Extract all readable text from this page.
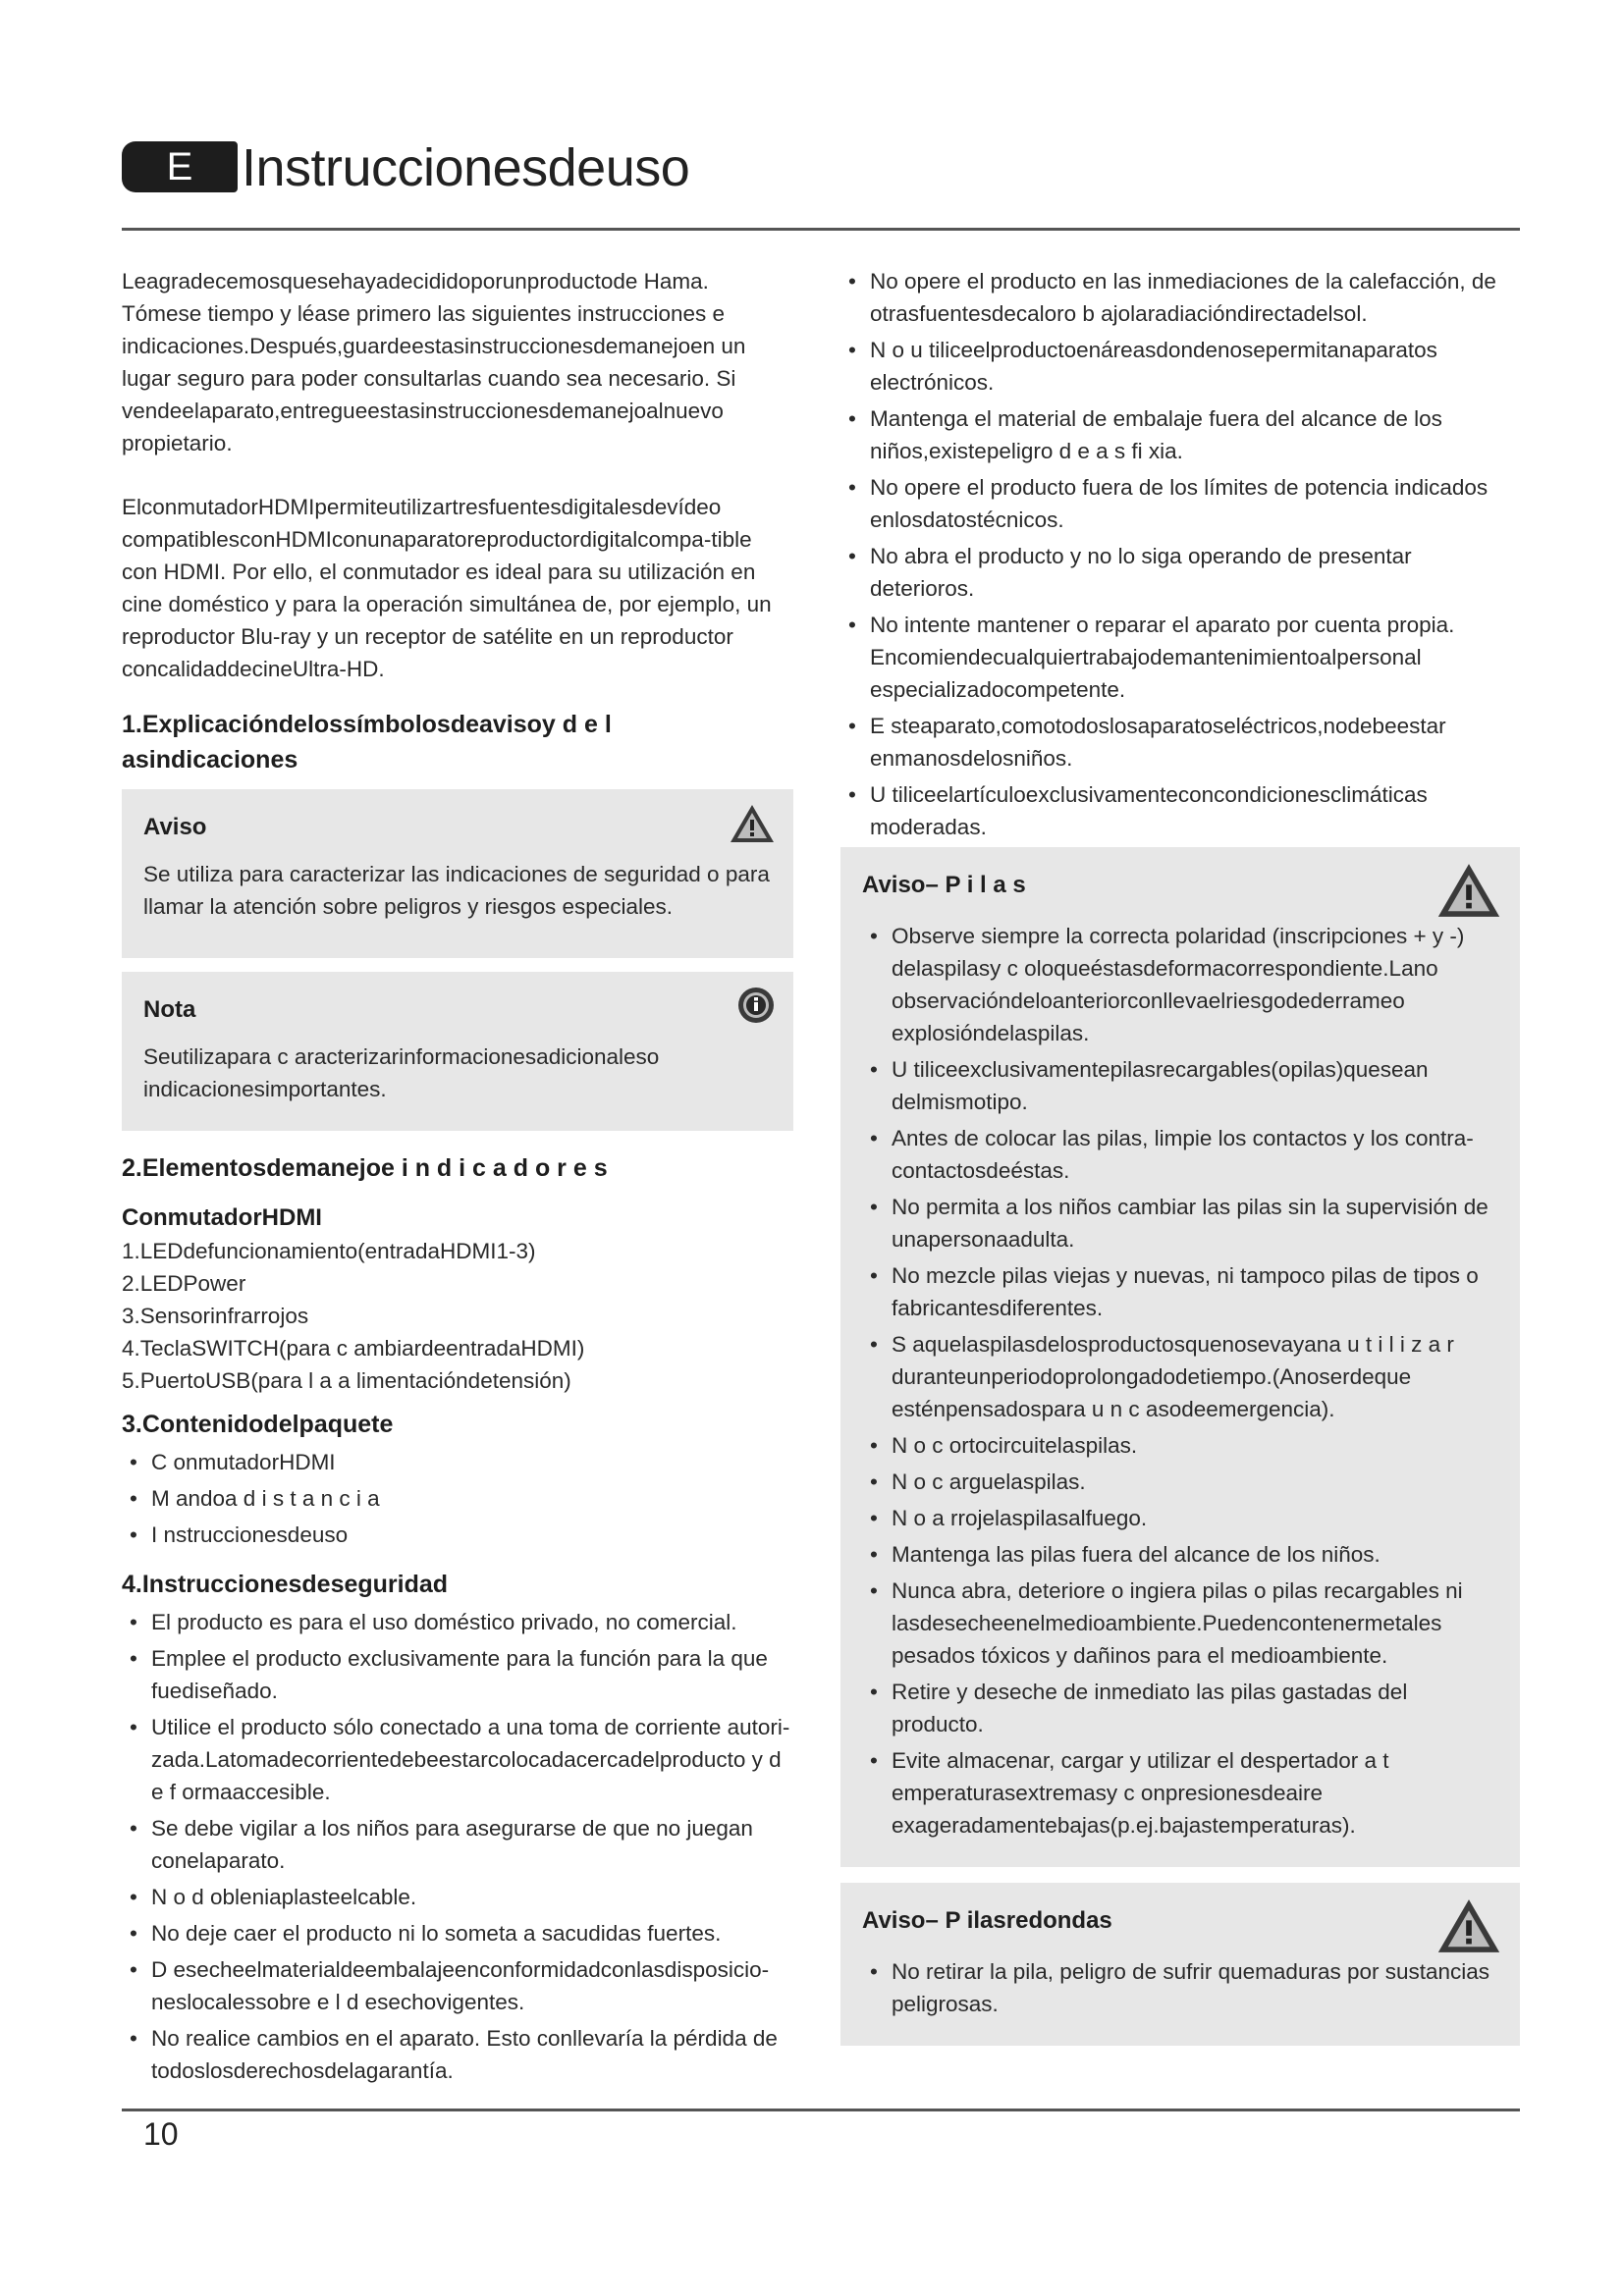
E Instruccionesdeuso

Leagradecemosquesehayadecididoporunproductode Hama. Tómese tiempo y léase primero las siguientes instrucciones e indicaciones.Después,guardeestasinstruccionesdemanejoen un lugar seguro para poder consultarlas cuando sea necesario. Si vendeelaparato,entregueestasinstruccionesdemanejoalnuevo propietario.

ElconmutadorHDMIpermiteutilizartresfuentesdigitalesdevídeo compatiblesconHDMIconunaparatoreproductordigitalcompa-tible con HDMI. Por ello, el conmutador es ideal para su utilización en cine doméstico y para la operación simultánea de, por ejemplo, un reproductor Blu-ray y un receptor de satélite en un reproductor concalidaddecineUltra-HD.

1.Explicacióndelossímbolosdeavisoy d e l asindicaciones
Aviso
Se utiliza para caracterizar las indicaciones de seguridad o para llamar la atención sobre peligros y riesgos especiales.
Nota
Seutilizapara c aracterizarinformacionesadicionaleso indicacionesimportantes.
2.Elementosdemanejoe i n d i c a d o r e s
ConmutadorHDMI

1.LEDdefuncionamiento(entradaHDMI1-3)

2.LEDPower

3.Sensorinfrarrojos

4.TeclaSWITCH(para c ambiardeentradaHDMI)

5.PuertoUSB(para l a a limentacióndetensión)

3.Contenidodelpaquete
• C onmutadorHDMI
• M andoa d i s t a n c i a
• I nstruccionesdeuso
4.Instruccionesdeseguridad
• El producto es para el uso doméstico privado, no comercial.
• Emplee el producto exclusivamente para la función para la que fuediseñado.
• Utilice el producto sólo conectado a una toma de corriente autori-zada.Latomadecorrientedebeestarcolocadacercadelproducto y d e f ormaaccesible.
• Se debe vigilar a los niños para asegurarse de que no juegan conelaparato.
• N o d obleniaplasteelcable.
• No deje caer el producto ni lo someta a sacudidas fuertes.
• D esecheelmaterialdeembalajeenconformidadconlasdisposicio-neslocalessobre e l d esechovigentes.
• No realice cambios en el aparato. Esto conllevaría la pérdida de todoslosderechosdelagarantía.
• No opere el producto en las inmediaciones de la calefacción, de otrasfuentesdecaloro b ajolaradiacióndirectadelsol.
• N o u tiliceelproductoenáreasdondenosepermitanaparatos electrónicos.
• Mantenga el material de embalaje fuera del alcance de los niños,existepeligro d e a s fi xia.
• No opere el producto fuera de los límites de potencia indicados enlosdatostécnicos.
• No abra el producto y no lo siga operando de presentar deterioros.
• No intente mantener o reparar el aparato por cuenta propia. Encomiendecualquiertrabajodemantenimientoalpersonal especializadocompetente.
• E steaparato,comotodoslosaparatoseléctricos,nodebeestar enmanosdelosniños.
• U tiliceelartículoexclusivamenteconcondicionesclimáticas moderadas.
Aviso– P i l a s
• Observe siempre la correcta polaridad (inscripciones + y -) delaspilasy c oloqueéstasdeformacorrespondiente.Lano observacióndeloanteriorconllevaelriesgodederrameo explosióndelaspilas.
• U tiliceexclusivamentepilasrecargables(opilas)quesean delmismotipo.
• Antes de colocar las pilas, limpie los contactos y los contra-contactosdeéstas.
• No permita a los niños cambiar las pilas sin la supervisión de unapersonaadulta.
• No mezcle pilas viejas y nuevas, ni tampoco pilas de tipos o fabricantesdiferentes.
• S aquelaspilasdelosproductosquenosevayana u t i l i z a r duranteunperiodoprolongadodetiempo.(Anoserdeque esténpensadospara u n c asodeemergencia).
• N o c ortocircuitelaspilas.
• N o c arguelaspilas.
• N o a rrojelaspilasalfuego.
• Mantenga las pilas fuera del alcance de los niños.
• Nunca abra, deteriore o ingiera pilas o pilas recargables ni lasdesecheenelmedioambiente.Puedencontenermetales pesados tóxicos y dañinos para el medioambiente.
• Retire y deseche de inmediato las pilas gastadas del producto.
• Evite almacenar, cargar y utilizar el despertador a t emperaturasextremasy c onpresionesdeaire exageradamentebajas(p.ej.bajastemperaturas).
Aviso– P ilasredondas
• No retirar la pila, peligro de sufrir quemaduras por sustancias peligrosas.
10
